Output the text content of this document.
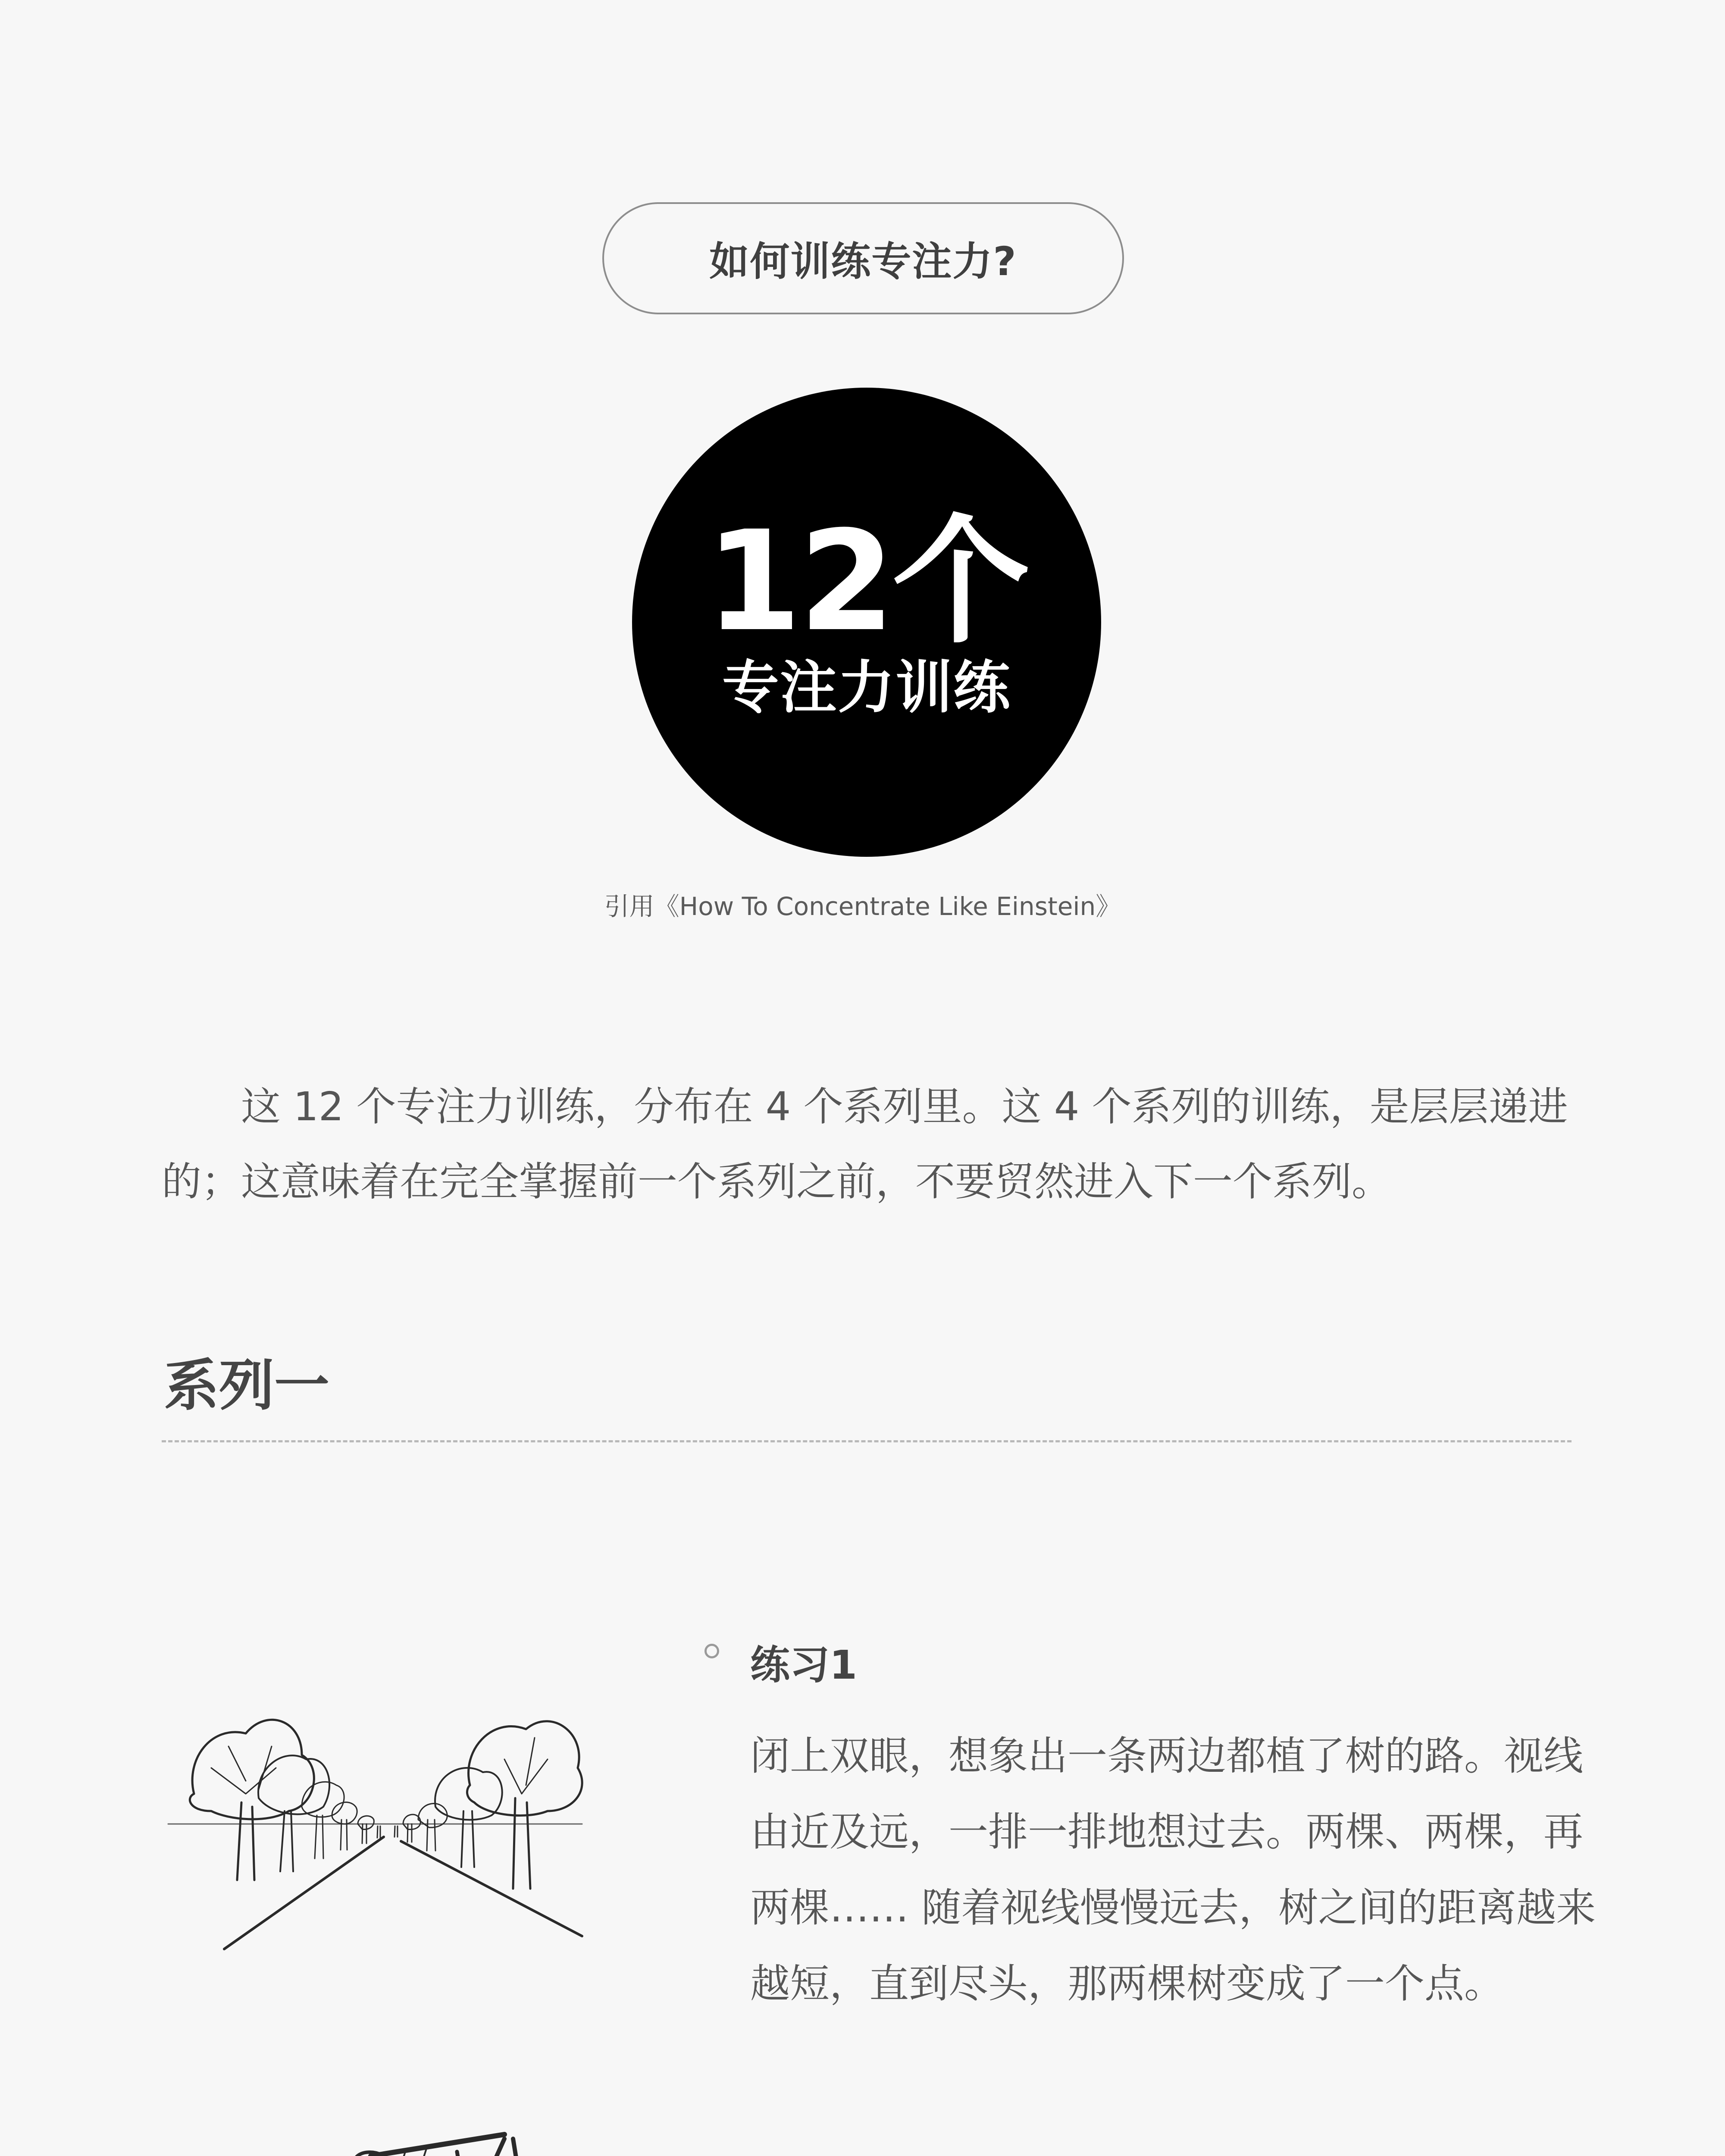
如何训练专注力?
12个
专注力训练
引用《How To Concentrate Like Einstein》
这 12 个专注力训练，分布在 4 个系列里。这 4 个系列的训练，是层层递进的；这意味着在完全掌握前一个系列之前，不要贸然进入下一个系列。
系列一
练习1
闭上双眼，想象出一条两边都植了树的路。视线由近及远，一排一排地想过去。两棵、两棵，再两棵…… 随着视线慢慢远去，树之间的距离越来越短，直到尽头，那两棵树变成了一个点。
